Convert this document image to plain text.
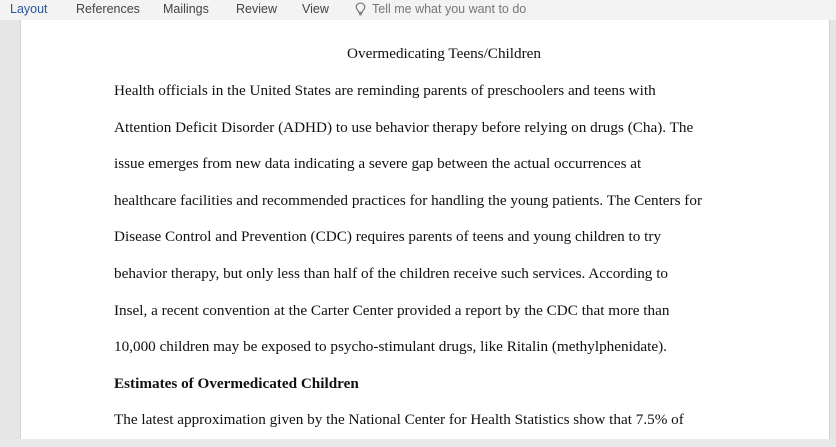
Layout References Mailings Review View	Tell me what you want to do
Overmedicating Teens/Children
Health officials in the United States are reminding parents of preschoolers and teens with
Attention Deficit Disorder (ADHD) to use behavior therapy before relying on drugs (Cha). The
issue emerges from new data indicating a severe gap between the actual occurrences at
healthcare facilities and recommended practices for handling the young patients. The Centers for
Disease Control and Prevention (CDC) requires parents of teens and young children to try
behavior therapy, but only less than half of the children receive such services. According to
Insel, a recent convention at the Carter Center provided a report by the CDC that more than
10,000 children may be exposed to psycho-stimulant drugs, like Ritalin (methylphenidate).
Estimates of Overmedicated Children
The latest approximation given by the National Center for Health Statistics show that 7.5% of
